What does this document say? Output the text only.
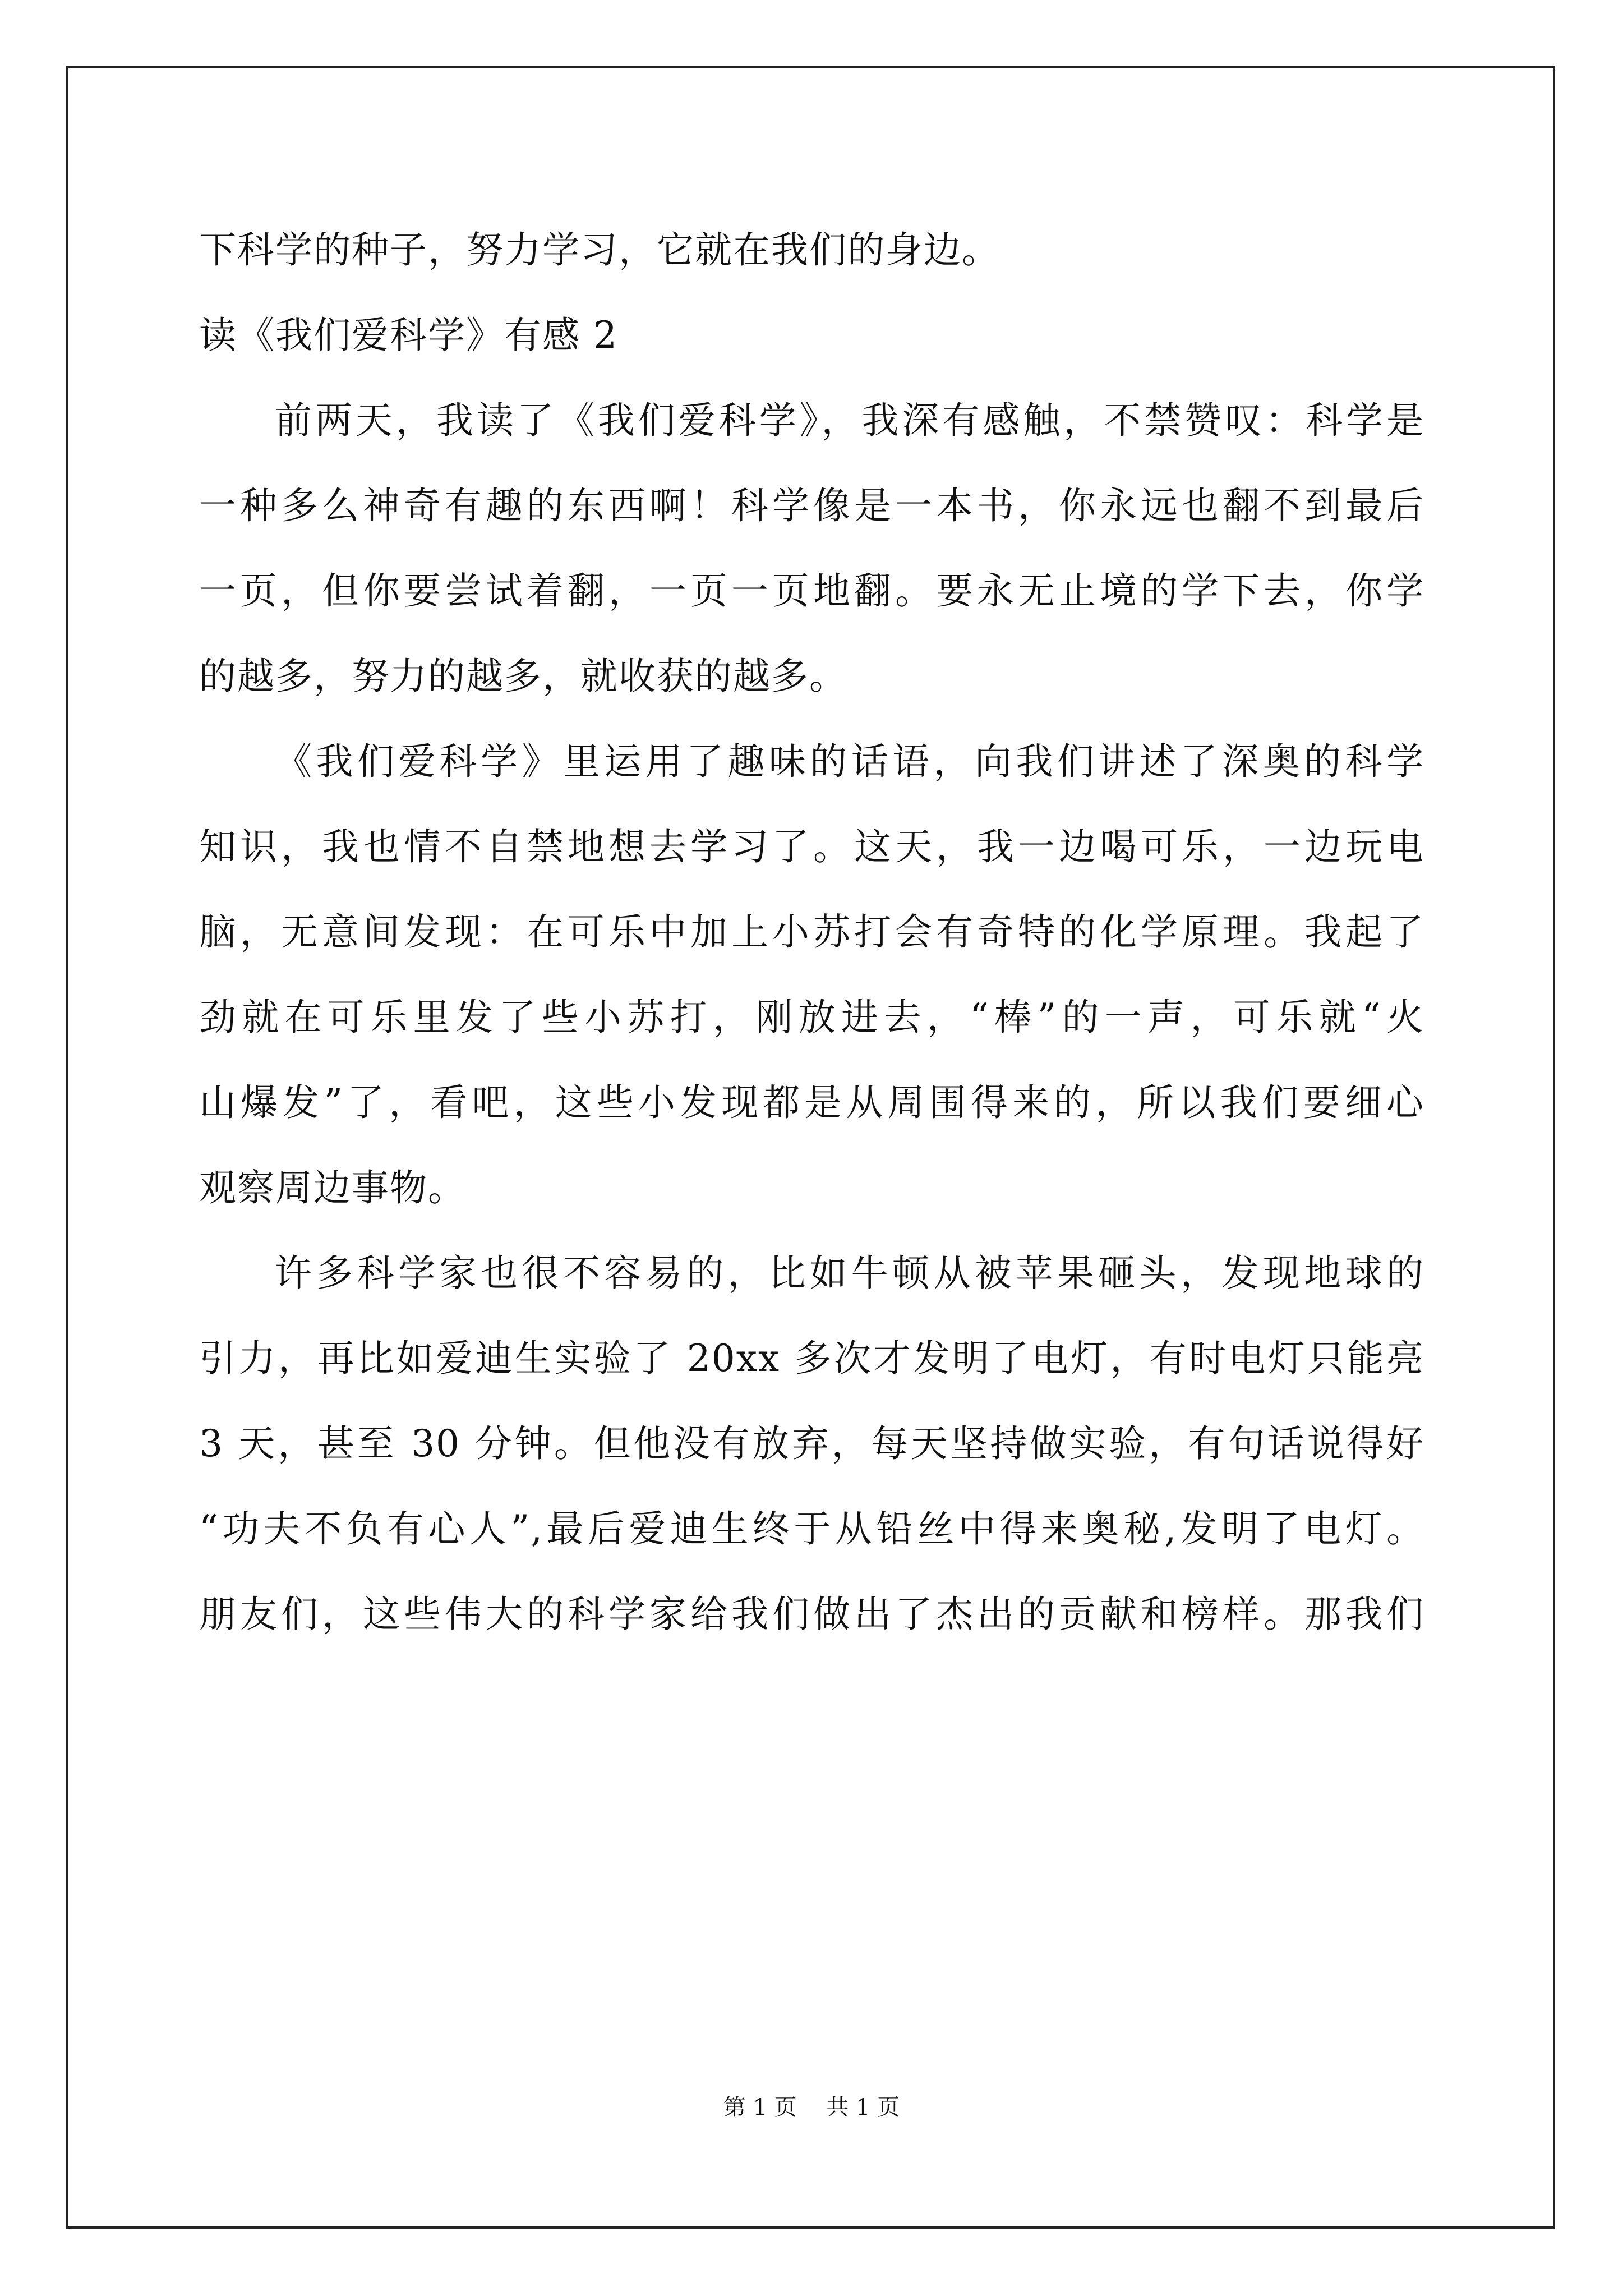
下科学的种子，努力学习，它就在我们的身边。
读《我们爱科学》有感 2
前两天，我读了《我们爱科学》，我深有感触，不禁赞叹：科学是
一种多么神奇有趣的东西啊！科学像是一本书，你永远也翻不到最后
一页，但你要尝试着翻，一页一页地翻。要永无止境的学下去，你学
的越多，努力的越多，就收获的越多。
《我们爱科学》里运用了趣味的话语，向我们讲述了深奥的科学
知识，我也情不自禁地想去学习了。这天，我一边喝可乐，一边玩电
脑，无意间发现：在可乐中加上小苏打会有奇特的化学原理。我起了
劲就在可乐里发了些小苏打，刚放进去，“棒”的一声，可乐就“火
山爆发”了，看吧，这些小发现都是从周围得来的，所以我们要细心
观察周边事物。
许多科学家也很不容易的，比如牛顿从被苹果砸头，发现地球的
引力，再比如爱迪生实验了 20xx 多次才发明了电灯，有时电灯只能亮
3 天，甚至 30 分钟。但他没有放弃，每天坚持做实验，有句话说得好
“功夫不负有心人”,最后爱迪生终于从铅丝中得来奥秘,发明了电灯。
朋友们，这些伟大的科学家给我们做出了杰出的贡献和榜样。那我们
第 1 页 共 1 页
